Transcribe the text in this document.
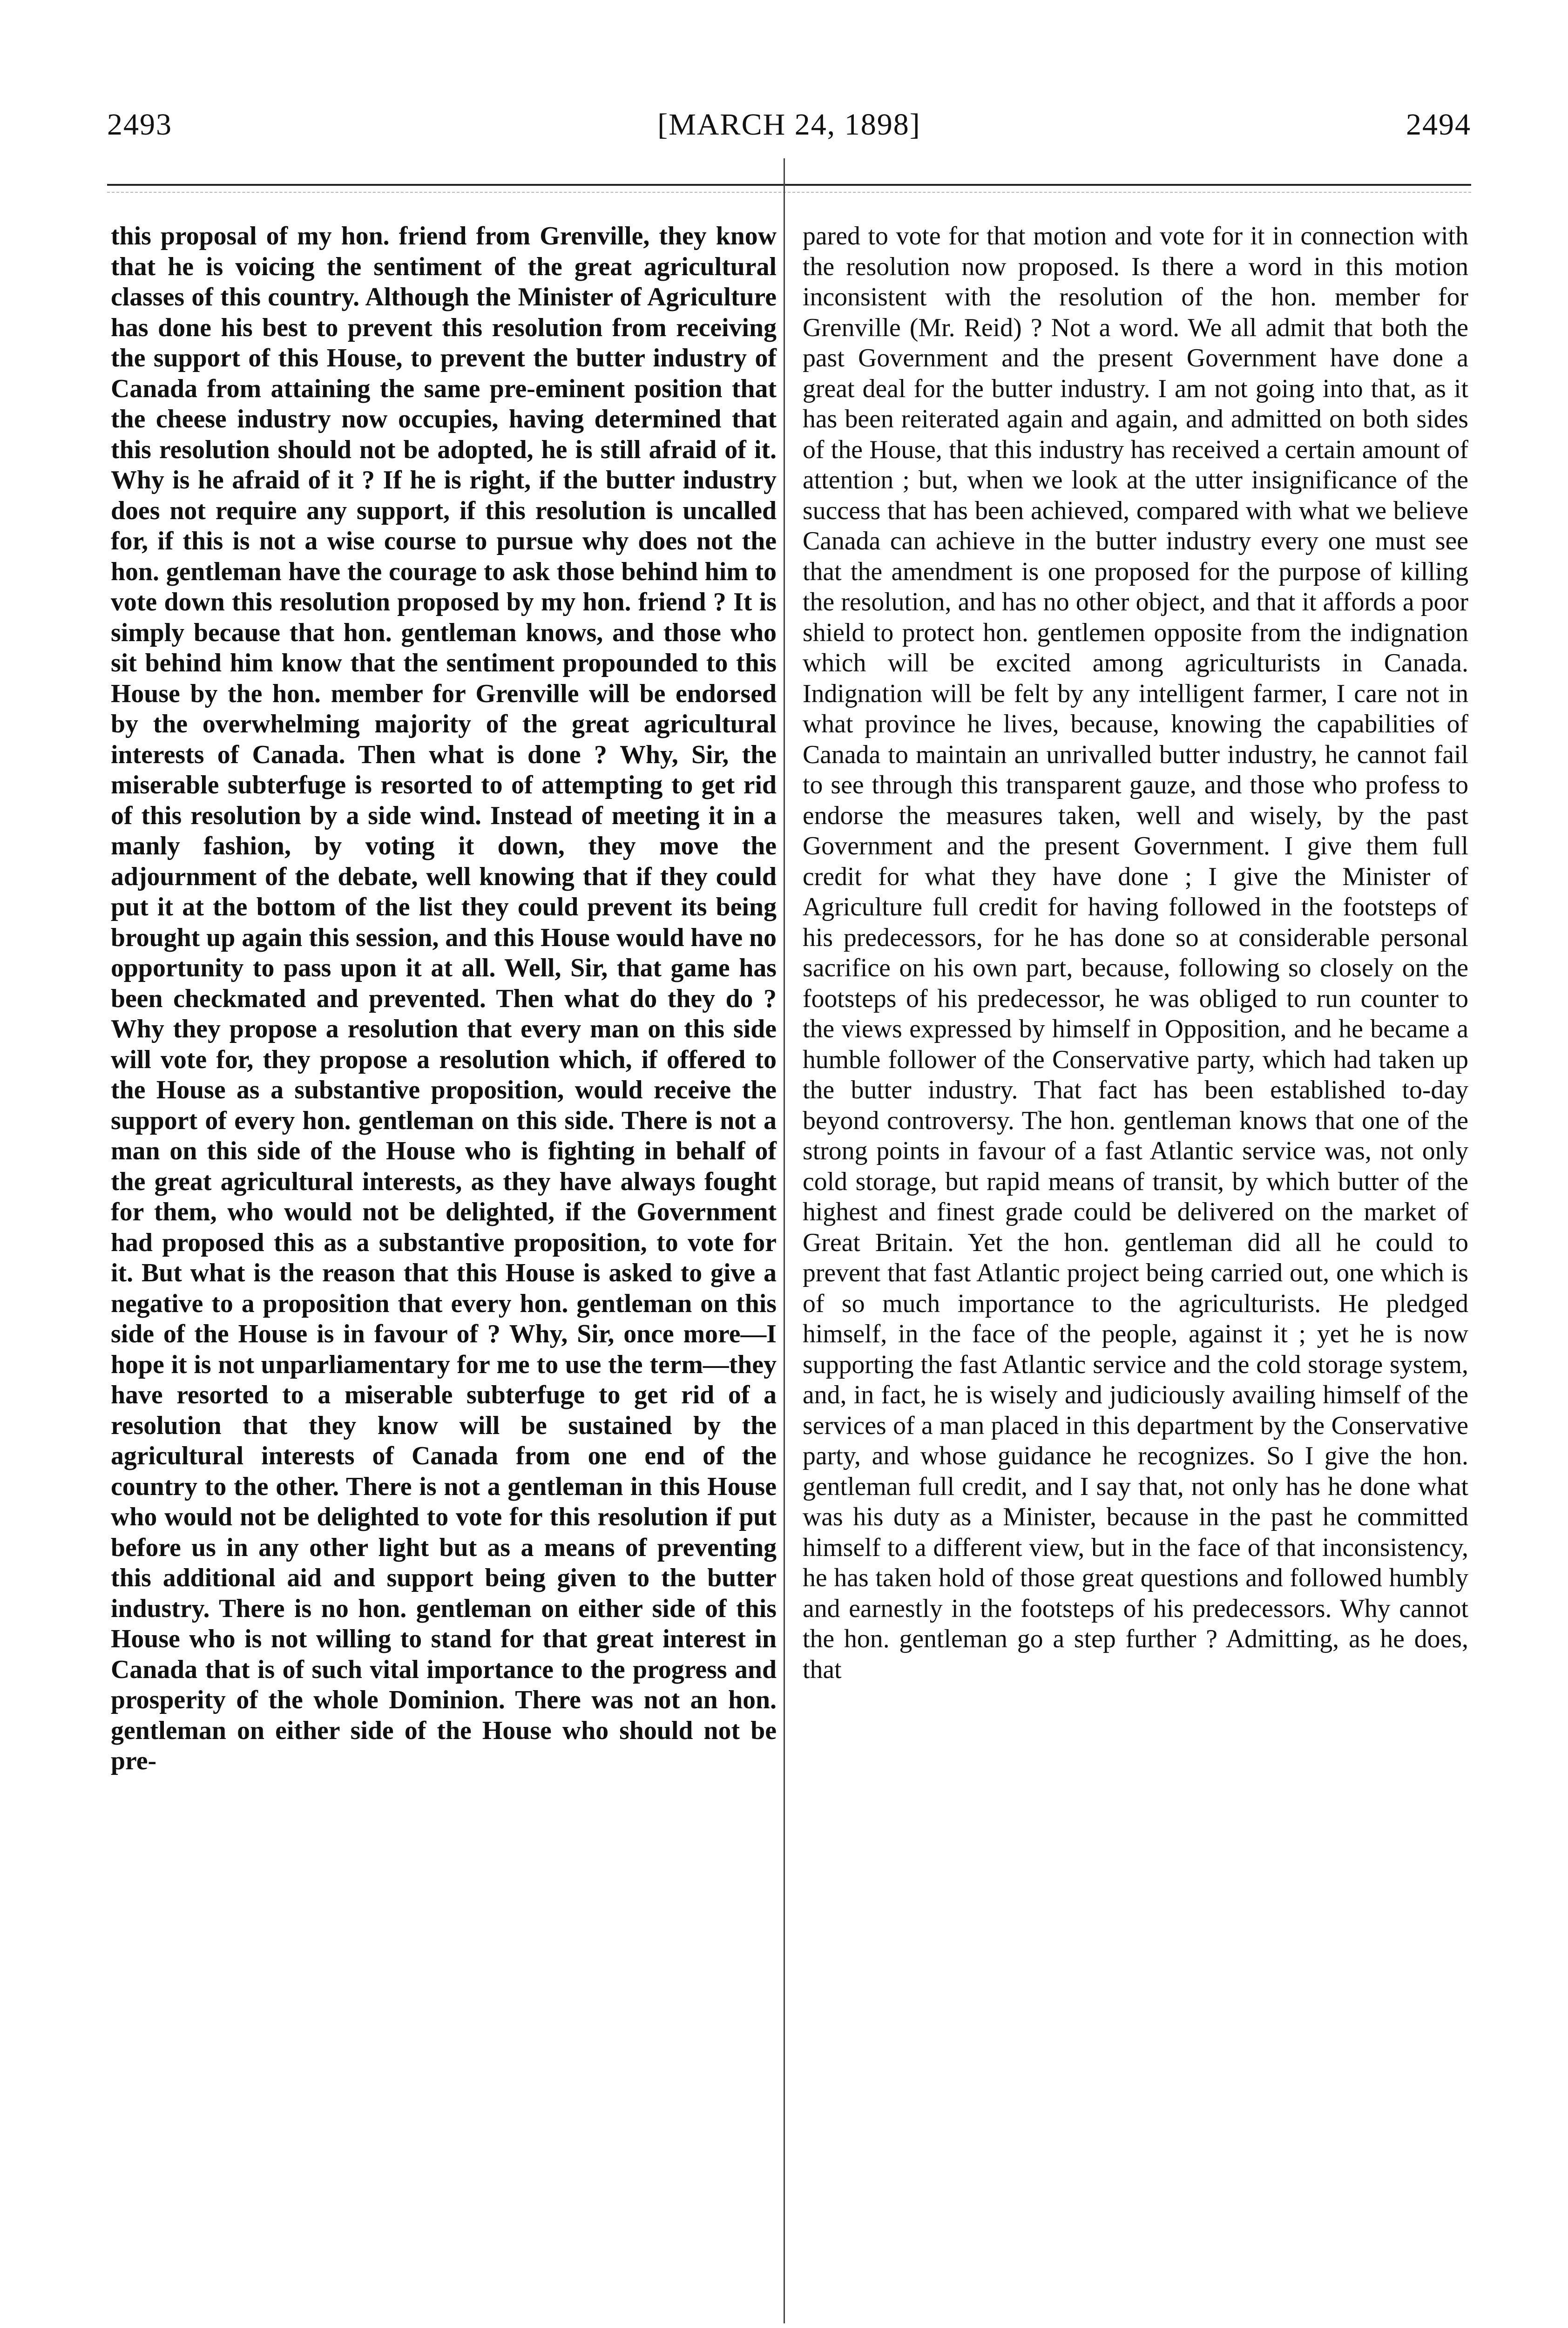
2493	[MARCH 24, 1898]	2494

this proposal of my hon. friend from Grenville, they know that he is voicing the sentiment of the great agricultural classes of this country. Although the Minister of Agriculture has done his best to prevent this resolution from receiving the support of this House, to prevent the butter industry of Canada from attaining the same pre-eminent position that the cheese industry now occupies, having determined that this resolution should not be adopted, he is still afraid of it. Why is he afraid of it ? If he is right, if the butter industry does not require any support, if this resolution is uncalled for, if this is not a wise course to pursue why does not the hon. gentleman have the courage to ask those behind him to vote down this resolution proposed by my hon. friend ? It is simply because that hon. gentleman knows, and those who sit behind him know that the sentiment propounded to this House by the hon. member for Grenville will be endorsed by the overwhelming majority of the great agricultural interests of Canada. Then what is done ? Why, Sir, the miserable subterfuge is resorted to of attempting to get rid of this resolution by a side wind. Instead of meeting it in a manly fashion, by voting it down, they move the adjournment of the debate, well knowing that if they could put it at the bottom of the list they could prevent its being brought up again this session, and this House would have no opportunity to pass upon it at all. Well, Sir, that game has been checkmated and prevented. Then what do they do ? Why they propose a resolution that every man on this side will vote for, they propose a resolution which, if offered to the House as a substantive proposition, would receive the support of every hon. gentleman on this side. There is not a man on this side of the House who is fighting in behalf of the great agricultural interests, as they have always fought for them, who would not be delighted, if the Government had proposed this as a substantive proposition, to vote for it. But what is the reason that this House is asked to give a negative to a proposition that every hon. gentleman on this side of the House is in favour of ? Why, Sir, once more—I hope it is not unparliamentary for me to use the term—they have resorted to a miserable subterfuge to get rid of a resolution that they know will be sustained by the agricultural interests of Canada from one end of the country to the other. There is not a gentleman in this House who would not be delighted to vote for this resolution if put before us in any other light but as a means of preventing this additional aid and support being given to the butter industry. There is no hon. gentleman on either side of this House who is not willing to stand for that great interest in Canada that is of such vital importance to the progress and prosperity of the whole Dominion. There was not an hon. gentleman on either side of the House who should not be pre-

pared to vote for that motion and vote for it in connection with the resolution now proposed. Is there a word in this motion inconsistent with the resolution of the hon. member for Grenville (Mr. Reid) ? Not a word. We all admit that both the past Government and the present Government have done a great deal for the butter industry. I am not going into that, as it has been reiterated again and again, and admitted on both sides of the House, that this industry has received a certain amount of attention ; but, when we look at the utter insignificance of the success that has been achieved, compared with what we believe Canada can achieve in the butter industry every one must see that the amendment is one proposed for the purpose of killing the resolution, and has no other object, and that it affords a poor shield to protect hon. gentlemen opposite from the indignation which will be excited among agriculturists in Canada. Indignation will be felt by any intelligent farmer, I care not in what province he lives, because, knowing the capabilities of Canada to maintain an unrivalled butter industry, he cannot fail to see through this transparent gauze, and those who profess to endorse the measures taken, well and wisely, by the past Government and the present Government. I give them full credit for what they have done ; I give the Minister of Agriculture full credit for having followed in the footsteps of his predecessors, for he has done so at considerable personal sacrifice on his own part, because, following so closely on the footsteps of his predecessor, he was obliged to run counter to the views expressed by himself in Opposition, and he became a humble follower of the Conservative party, which had taken up the butter industry. That fact has been established to-day beyond controversy. The hon. gentleman knows that one of the strong points in favour of a fast Atlantic service was, not only cold storage, but rapid means of transit, by which butter of the highest and finest grade could be delivered on the market of Great Britain. Yet the hon. gentleman did all he could to prevent that fast Atlantic project being carried out, one which is of so much importance to the agriculturists. He pledged himself, in the face of the people, against it ; yet he is now supporting the fast Atlantic service and the cold storage system, and, in fact, he is wisely and judiciously availing himself of the services of a man placed in this department by the Conservative party, and whose guidance he recognizes. So I give the hon. gentleman full credit, and I say that, not only has he done what was his duty as a Minister, because in the past he committed himself to a different view, but in the face of that inconsistency, he has taken hold of those great questions and followed humbly and earnestly in the footsteps of his predecessors. Why cannot the hon. gentleman go a step further ? Admitting, as he does, that
